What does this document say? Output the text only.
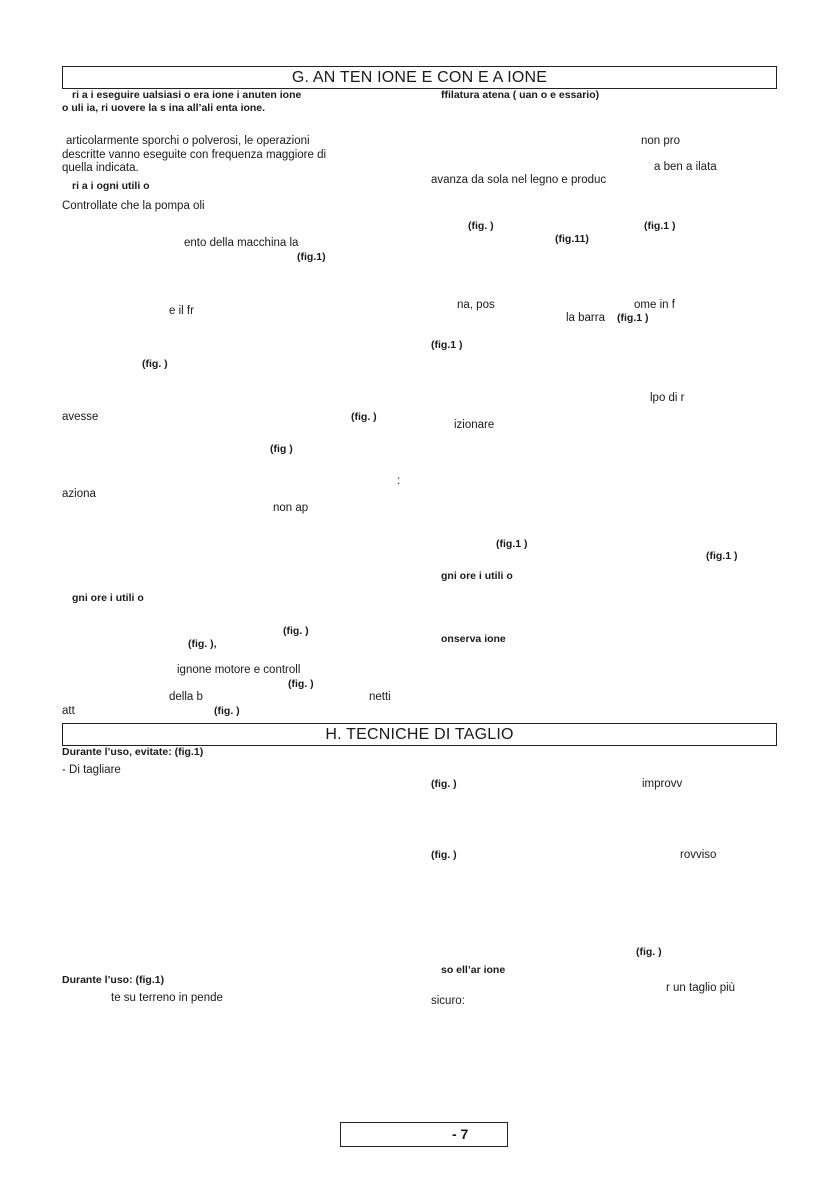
G. AN TEN IONE E CON E A IONE
ri a i eseguire ualsiasi o era ione i anuten ione
o uli ia, ri uovere la s ina all’ali enta ione.
articolarmente sporchi o polverosi, le operazioni
descritte vanno eseguite con frequenza maggiore di
quella indicata.
ri a i ogni utili o
Controllate che la pompa oli
ento della macchina la
(fig.1)
e il fr
(fig. )
avesse	(fig. )
(fig )
:
aziona
non ap
gni ore i utili o
(fig. )
(fig. ),
ignone motore e controll
(fig. )
della b	netti
att	(fig. )
ffilatura atena ( uan o e essario)
non pro
a ben a ilata
avanza da sola nel legno e produc
(fig. )	(fig.1 )
(fig.11)
na, pos	ome in f
la barra (fig.1 )
(fig.1 )
lpo di r
izionare
(fig.1 )
(fig.1 )
gni ore i utili o
onserva ione
H. TECNICHE DI TAGLIO
Durante l’uso, evitate: (fig.1)
- Di tagliare
Durante l’uso: (fig.1)
te su terreno in pende
(fig. )	improvv
(fig. )	rovviso
(fig. )
so ell’ar ione
r un taglio più
sicuro:
- 7
